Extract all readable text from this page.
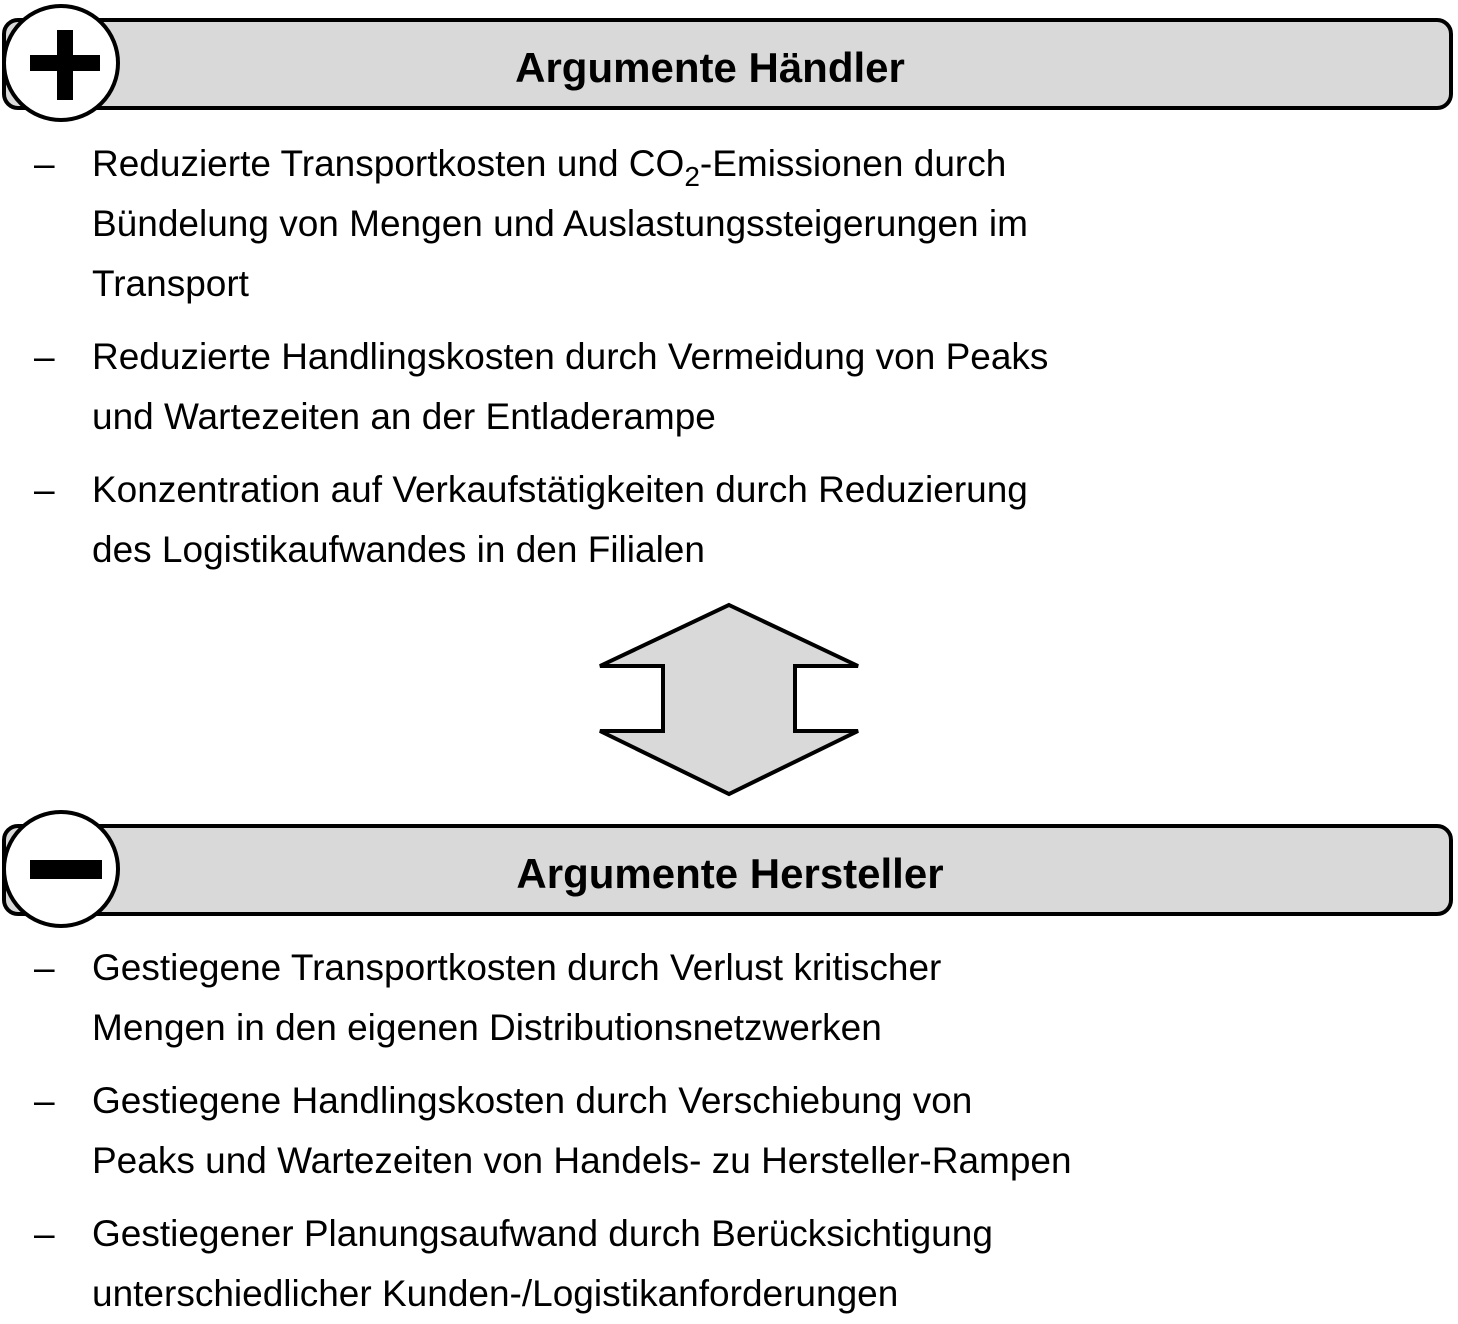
Argumente Händler
– Reduzierte Transportkosten und $CO_2$-Emissionen durch
Bündelung von Mengen und Auslastungssteigerungen im
Transport
– Reduzierte Handlingskosten durch Vermeidung von Peaks
und Wartezeiten an der Entladerampe
– Konzentration auf Verkaufstätigkeiten durch Reduzierung
des Logistikaufwandes in den Filialen
Argumente Hersteller
– Gestiegene Transportkosten durch Verlust kritischer
Mengen in den eigenen Distributionsnetzwerken
– Gestiegene Handlingskosten durch Verschiebung von
Peaks und Wartezeiten von Handels- zu Hersteller-Rampen
– Gestiegener Planungsaufwand durch Berücksichtigung
unterschiedlicher Kunden-/Logistikanforderungen
